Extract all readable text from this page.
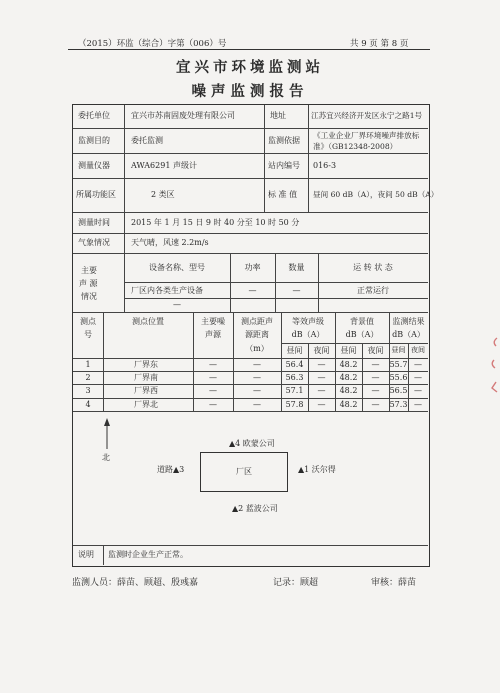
（2015）环监（综合）字第（006）号	共 9 页 第 8 页
宜兴市环境监测站
噪声监测报告
委托单位	宜兴市苏南固废处理有限公司	地址	江苏宜兴经济开发区永宁之路1号
监测目的	委托监测	监测依据
《工业企业厂界环境噪声排放标
准》（GB12348-2008）
测量仪器	AWA6291 声级计	站内编号 016-3
所属功能区	2 类区	标 准 值 昼间 60 dB（A），夜间 50 dB（A）
测量时间	2015 年 1 月 15 日 9 时 40 分至 10 时 50 分
气象情况	天气晴，风速 2.2m/s
主要
声 源
情况
设备名称、型号	功率	数量	运 转 状 态
厂区内各类生产设备	—	—	正常运行
—
测点
号
测点位置	主要噪
声源
测点距声
源距离
（m）
等效声级
dB（A）
背景值
dB（A）
监测结果
dB（A）
昼间	夜间	昼间	夜间	昼间 夜间
1	厂界东	—	—	56.4	—	48.2	—	55.7 —
2	厂界南	—	—	56.3	—	48.2	—	55.6 —
3	厂界西	—	—	57.1	—	48.2	—	56.5 —
4	厂界北	—	—	57.8	—	48.2	—	57.3 —
北
厂区
▲4 欧蒙公司
▲1 沃尔得
道路▲3
▲2 蓝波公司
说明 监测时企业生产正常。
监测人员：薛苗、顾超、殷彧嘉	记录：顾超	审核：薛苗
